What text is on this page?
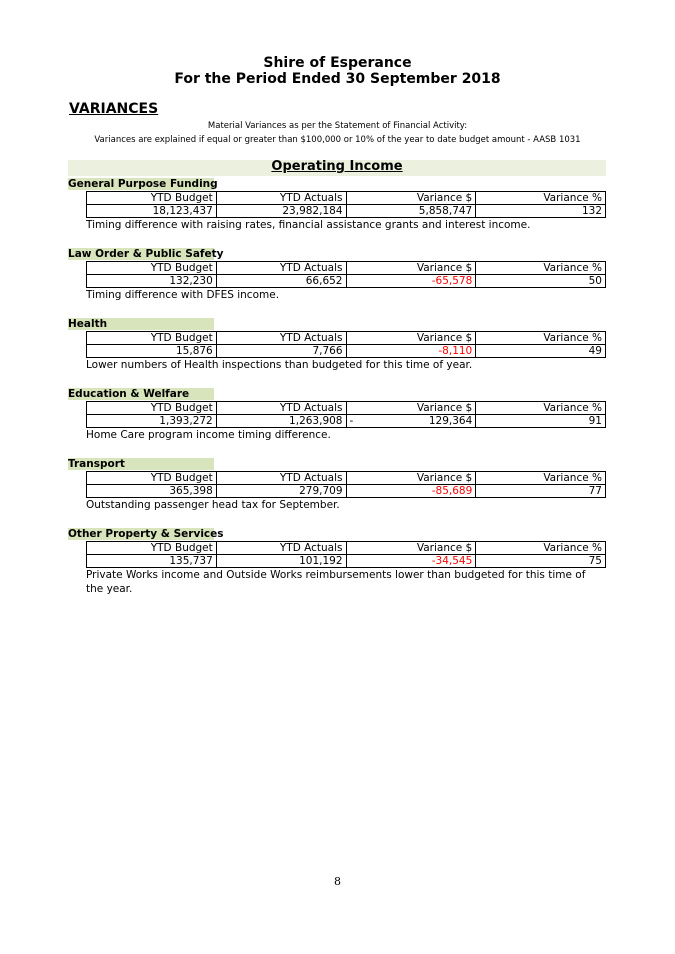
Shire of Esperance
For the Period Ended 30 September 2018
VARIANCES
Material Variances as per the Statement of Financial Activity:
Variances are explained if equal or greater than $100,000 or 10% of the year to date budget amount - AASB 1031
Operating Income
General Purpose Funding
YTD Budget	YTD Actuals	Variance $	Variance %
18,123,437	23,982,184	5,858,747	132
Timing difference with raising rates, financial assistance grants and interest income.
Law Order & Public Safety
YTD Budget	YTD Actuals	Variance $	Variance %
132,230	66,652	-65,578	50
Timing difference with DFES income.
Health
YTD Budget	YTD Actuals	Variance $	Variance %
15,876	7,766	-8,110	49
Lower numbers of Health inspections than budgeted for this time of year.
Education & Welfare
YTD Budget	YTD Actuals	Variance $	Variance %
1,393,272	1,263,908	- 129,364	91
Home Care program income timing difference.
Transport
YTD Budget	YTD Actuals	Variance $	Variance %
365,398	279,709	-85,689	77
Outstanding passenger head tax for September.
Other Property & Services
YTD Budget	YTD Actuals	Variance $	Variance %
135,737	101,192	-34,545	75
Private Works income and Outside Works reimbursements lower than budgeted for this time of the year.
8
